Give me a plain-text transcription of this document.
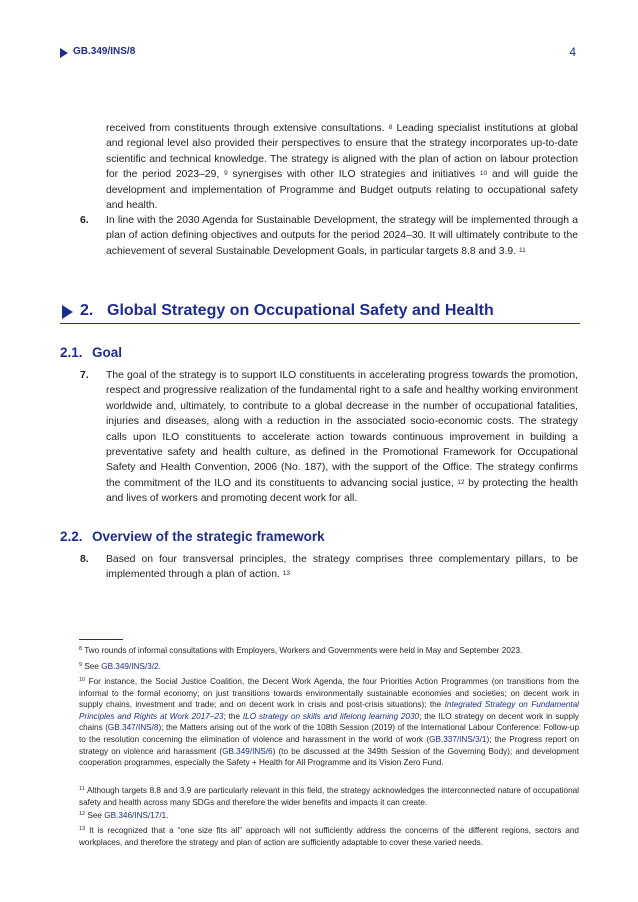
GB.349/INS/8	4
received from constituents through extensive consultations. $^8$ Leading specialist institutions at global and regional level also provided their perspectives to ensure that the strategy incorporates up-to-date scientific and technical knowledge. The strategy is aligned with the plan of action on labour protection for the period 2023–29, $^9$ synergises with other ILO strategies and initiatives $^{10}$ and will guide the development and implementation of Programme and Budget outputs relating to occupational safety and health.
6. In line with the 2030 Agenda for Sustainable Development, the strategy will be implemented through a plan of action defining objectives and outputs for the period 2024–30. It will ultimately contribute to the achievement of several Sustainable Development Goals, in particular targets 8.8 and 3.9. $^{11}$
2. Global Strategy on Occupational Safety and Health
2.1. Goal
7. The goal of the strategy is to support ILO constituents in accelerating progress towards the promotion, respect and progressive realization of the fundamental right to a safe and healthy working environment worldwide and, ultimately, to contribute to a global decrease in the number of occupational fatalities, injuries and diseases, along with a reduction in the associated socio-economic costs. The strategy calls upon ILO constituents to accelerate action towards continuous improvement in building a preventative safety and health culture, as defined in the Promotional Framework for Occupational Safety and Health Convention, 2006 (No. 187), with the support of the Office. The strategy confirms the commitment of the ILO and its constituents to advancing social justice, $^{12}$ by protecting the health and lives of workers and promoting decent work for all.
2.2. Overview of the strategic framework
8. Based on four transversal principles, the strategy comprises three complementary pillars, to be implemented through a plan of action. $^{13}$
$^8$ Two rounds of informal consultations with Employers, Workers and Governments were held in May and September 2023.
$^9$ See GB.349/INS/3/2.
$^{10}$ For instance, the Social Justice Coalition, the Decent Work Agenda, the four Priorities Action Programmes (on transitions from the informal to the formal economy; on just transitions towards environmentally sustainable economies and societies; on decent work in supply chains, investment and trade; and on decent work in crisis and post-crisis situations); the Integrated Strategy on Fundamental Principles and Rights at Work 2017–23; the ILO strategy on skills and lifelong learning 2030; the ILO strategy on decent work in supply chains (GB.347/INS/8); the Matters arising out of the work of the 108th Session (2019) of the International Labour Conference: Follow-up to the resolution concerning the elimination of violence and harassment in the world of work (GB.337/INS/3/1); the Progress report on strategy on violence and harassment (GB.349/INS/6) (to be discussed at the 349th Session of the Governing Body); and development cooperation programmes, especially the Safety + Health for All Programme and its Vision Zero Fund.
$^{11}$ Although targets 8.8 and 3.9 are particularly relevant in this field, the strategy acknowledges the interconnected nature of occupational safety and health across many SDGs and therefore the wider benefits and impacts it can create.
$^{12}$ See GB.346/INS/17/1.
$^{13}$ It is recognized that a “one size fits all” approach will not sufficiently address the concerns of the different regions, sectors and workplaces, and therefore the strategy and plan of action are sufficiently adaptable to cover these varied needs.
